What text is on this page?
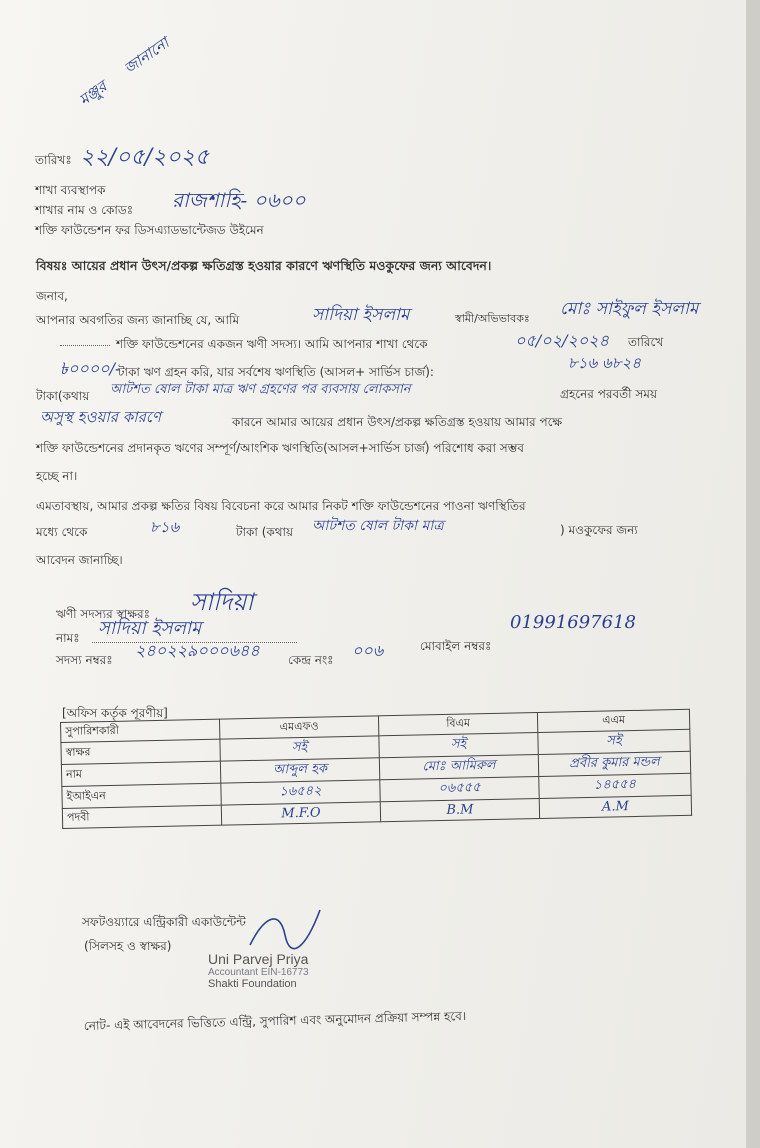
মঞ্জুর
জানানো
তারিখঃ ২২/০৫/২০২৫
শাখা ব্যবস্থাপক
শাখার নাম ও কোডঃ রাজশাহি- ০৬০০
শক্তি ফাউন্ডেশন ফর ডিসএ্যাডভান্টেজড উইমেন
বিষয়ঃ আয়ের প্রধান উৎস/প্রকল্প ক্ষতিগ্রস্ত হওয়ার কারণে ঋণস্থিতি মওকুফের জন্য আবেদন।
জনাব,
আপনার অবগতির জন্য জানাচ্ছি যে, আমি	সাদিয়া ইসলাম	স্বামী/অভিভাবকঃ মোঃ সাইফুল ইসলাম
শক্তি ফাউন্ডেশনের একজন ঋণী সদস্য। আমি আপনার শাখা থেকে	০৫/০২/২০২৪ তারিখে
৳০০০০/-
টাকা ঋণ গ্রহন করি, যার সর্বশেষ ঋণস্থিতি (আসল+ সার্ভিস চার্জ):	৮১৬ ৬৮২৪
টাকা(কথায় আটশত ষোল টাকা মাত্র ঋণ গ্রহণের পর ব্যবসায় লোকসান	গ্রহনের পরবর্তী সময়
অসুস্থ হওয়ার কারণে	কারনে আমার আয়ের প্রধান উৎস/প্রকল্প ক্ষতিগ্রস্ত হওয়ায় আমার পক্ষে
শক্তি ফাউন্ডেশনের প্রদানকৃত ঋণের সম্পূর্ণ/আংশিক ঋণস্থিতি(আসল+সার্ভিস চার্জ) পরিশোধ করা সম্ভব
হচ্ছে না।
এমতাবস্থায়, আমার প্রকল্প ক্ষতির বিষয় বিবেচনা করে আমার নিকট শক্তি ফাউন্ডেশনের পাওনা ঋণস্থিতির
মধ্যে থেকে	৮১৬	টাকা (কথায় আটশত ষোল টাকা মাত্র	) মওকুফের জন্য
আবেদন জানাচ্ছি।
ঋণী সদস্যর স্বাক্ষরঃ সাদিয়া
নামঃ সাদিয়া ইসলাম
সদস্য নম্বরঃ ২৪০২২৯০০০৬৪৪ কেন্দ্র নংঃ ০০৬	মোবাইল নম্বরঃ
01991697618
[অফিস কর্তৃক পূরণীয়]
সুপারিশকারী	এমএফও	বিএম	এএম
স্বাক্ষর	সই	সই	সই
নাম	আব্দুল হক	মোঃ আমিরুল	প্রবীর কুমার মন্ডল
ইআইএন	১৬৫৪২	০৬৫৫৫	১৪৫৫৪
পদবী	M.F.O	B.M	A.M
সফটওয়্যারে এন্ট্রিকারী একাউন্টেন্ট
(সিলসহ ও স্বাক্ষর)
Uni Parvej Priya
Accountant EIN-16773
Shakti Foundation
নোট- এই আবেদনের ভিত্তিতে এন্ট্রি, সুপারিশ এবং অনুমোদন প্রক্রিয়া সম্পন্ন হবে।
